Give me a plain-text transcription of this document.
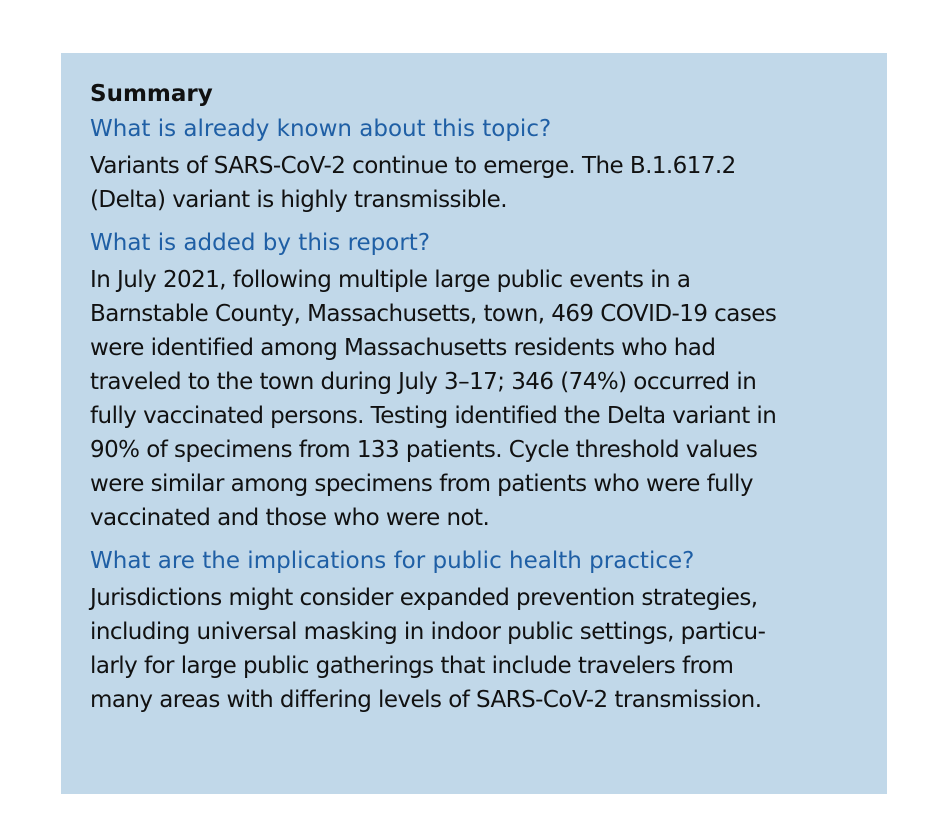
Summary
What is already known about this topic?
Variants of SARS-CoV-2 continue to emerge. The B.1.617.2
(Delta) variant is highly transmissible.
What is added by this report?
In July 2021, following multiple large public events in a
Barnstable County, Massachusetts, town, 469 COVID-19 cases
were identified among Massachusetts residents who had
traveled to the town during July 3–17; 346 (74%) occurred in
fully vaccinated persons. Testing identified the Delta variant in
90% of specimens from 133 patients. Cycle threshold values
were similar among specimens from patients who were fully
vaccinated and those who were not.
What are the implications for public health practice?
Jurisdictions might consider expanded prevention strategies,
including universal masking in indoor public settings, particu-
larly for large public gatherings that include travelers from
many areas with differing levels of SARS-CoV-2 transmission.
